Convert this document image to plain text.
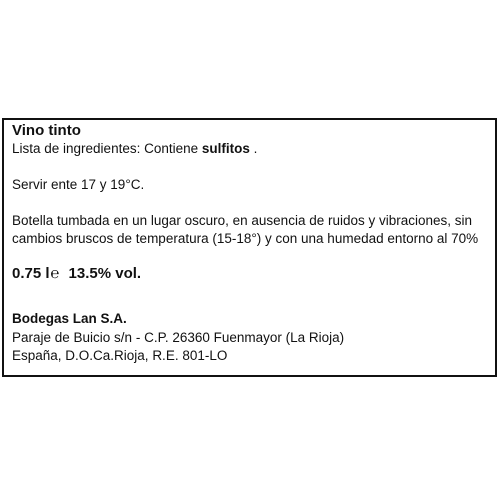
Vino tinto
Lista de ingredientes: Contiene sulfitos .
Servir ente 17 y 19°C.
Botella tumbada en un lugar oscuro, en ausencia de ruidos y vibraciones, sin
cambios bruscos de temperatura (15-18°) y con una humedad entorno al 70%
0.75 l℮ 13.5% vol.
Bodegas Lan S.A.
Paraje de Buicio s/n - C.P. 26360 Fuenmayor (La Rioja)
España, D.O.Ca.Rioja, R.E. 801-LO
